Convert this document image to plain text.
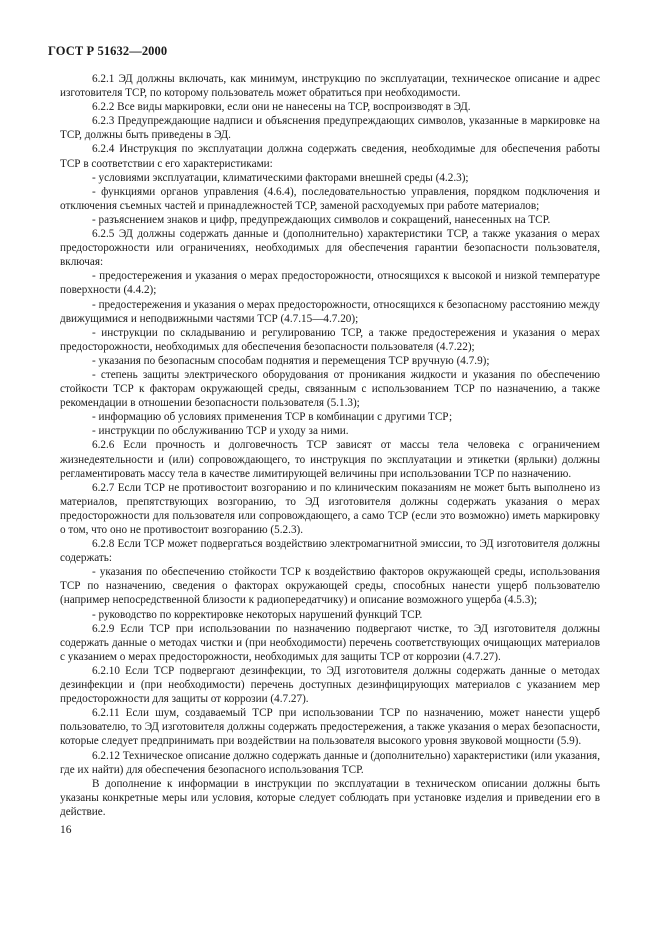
ГОСТ Р 51632—2000

6.2.1 ЭД должны включать, как минимум, инструкцию по эксплуатации, техническое описание и адрес изготовителя ТСР, по которому пользователь может обратиться при необходимости.

6.2.2 Все виды маркировки, если они не нанесены на ТСР, воспроизводят в ЭД.

6.2.3 Предупреждающие надписи и объяснения предупреждающих символов, указанные в маркировке на ТСР, должны быть приведены в ЭД.

6.2.4 Инструкция по эксплуатации должна содержать сведения, необходимые для обеспечения работы ТСР в соответствии с его характеристиками:

- условиями эксплуатации, климатическими факторами внешней среды (4.2.3);

- функциями органов управления (4.6.4), последовательностью управления, порядком подключения и отключения съемных частей и принадлежностей ТСР, заменой расходуемых при работе материалов;

- разъяснением знаков и цифр, предупреждающих символов и сокращений, нанесенных на ТСР.

6.2.5 ЭД должны содержать данные и (дополнительно) характеристики ТСР, а также указания о мерах предосторожности или ограничениях, необходимых для обеспечения гарантии безопасности пользователя, включая:

- предостережения и указания о мерах предосторожности, относящихся к высокой и низкой температуре поверхности (4.4.2);

- предостережения и указания о мерах предосторожности, относящихся к безопасному расстоянию между движущимися и неподвижными частями ТСР (4.7.15—4.7.20);

- инструкции по складыванию и регулированию ТСР, а также предостережения и указания о мерах предосторожности, необходимых для обеспечения безопасности пользователя (4.7.22);

- указания по безопасным способам поднятия и перемещения ТСР вручную (4.7.9);

- степень защиты электрического оборудования от проникания жидкости и указания по обеспечению стойкости ТСР к факторам окружающей среды, связанным с использованием ТСР по назначению, а также рекомендации в отношении безопасности пользователя (5.1.3);

- информацию об условиях применения ТСР в комбинации с другими ТСР;

- инструкции по обслуживанию ТСР и уходу за ними.

6.2.6 Если прочность и долговечность ТСР зависят от массы тела человека с ограничением жизнедеятельности и (или) сопровождающего, то инструкция по эксплуатации и этикетки (ярлыки) должны регламентировать массу тела в качестве лимитирующей величины при использовании ТСР по назначению.

6.2.7 Если ТСР не противостоит возгоранию и по клиническим показаниям не может быть выполнено из материалов, препятствующих возгоранию, то ЭД изготовителя должны содержать указания о мерах предосторожности для пользователя или сопровождающего, а само ТСР (если это возможно) иметь маркировку о том, что оно не противостоит возгоранию (5.2.3).

6.2.8 Если ТСР может подвергаться воздействию электромагнитной эмиссии, то ЭД изготовителя должны содержать:

- указания по обеспечению стойкости ТСР к воздействию факторов окружающей среды, использования ТСР по назначению, сведения о факторах окружающей среды, способных нанести ущерб пользователю (например непосредственной близости к радиопередатчику) и описание возможного ущерба (4.5.3);

- руководство по корректировке некоторых нарушений функций ТСР.

6.2.9 Если ТСР при использовании по назначению подвергают чистке, то ЭД изготовителя должны содержать данные о методах чистки и (при необходимости) перечень соответствующих очищающих материалов с указанием о мерах предосторожности, необходимых для защиты ТСР от коррозии (4.7.27).

6.2.10 Если ТСР подвергают дезинфекции, то ЭД изготовителя должны содержать данные о методах дезинфекции и (при необходимости) перечень доступных дезинфицирующих материалов с указанием мер предосторожности для защиты от коррозии (4.7.27).

6.2.11 Если шум, создаваемый ТСР при использовании ТСР по назначению, может нанести ущерб пользователю, то ЭД изготовителя должны содержать предостережения, а также указания о мерах безопасности, которые следует предпринимать при воздействии на пользователя высокого уровня звуковой мощности (5.9).

6.2.12 Техническое описание должно содержать данные и (дополнительно) характеристики (или указания, где их найти) для обеспечения безопасного использования ТСР.

В дополнение к информации в инструкции по эксплуатации в техническом описании должны быть указаны конкретные меры или условия, которые следует соблюдать при установке изделия и приведении его в действие.

16
